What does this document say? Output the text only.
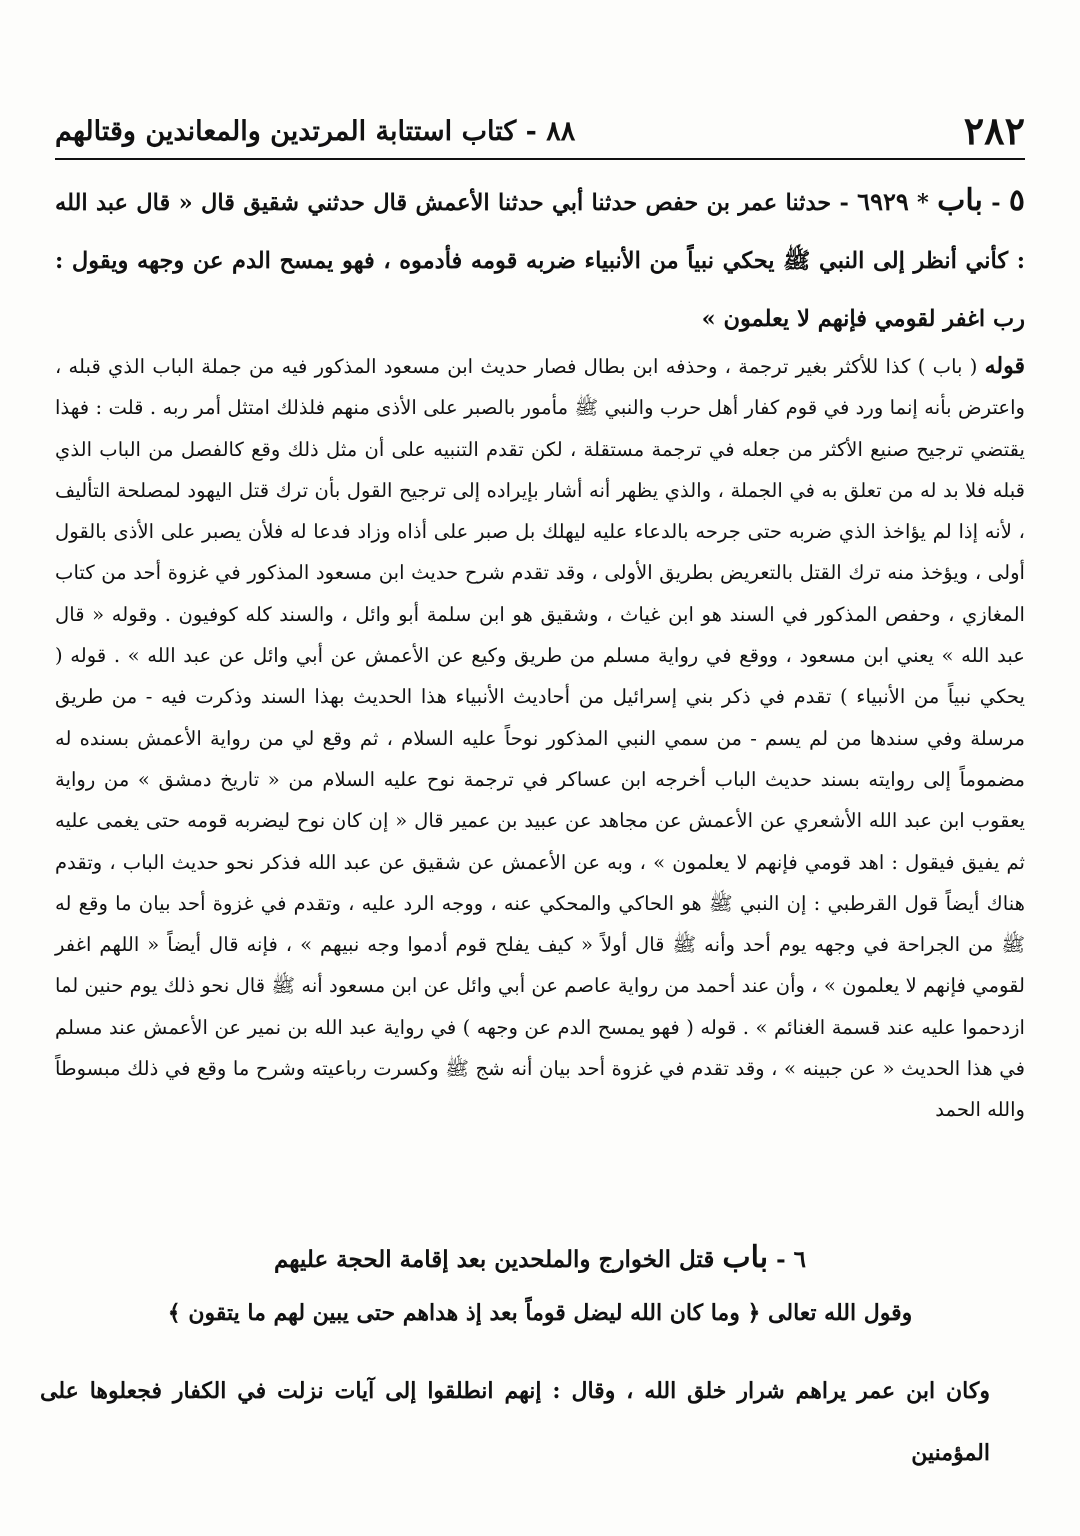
٢٨٢
٨٨ - كتاب استتابة المرتدين والمعاندين وقتالهم
٥ - باب * ٦٩٢٩ - حدثنا عمر بن حفص حدثنا أبي حدثنا الأعمش قال حدثني شقيق قال « قال عبد الله : كأني أنظر إلى النبي ﷺ يحكي نبياً من الأنبياء ضربه قومه فأدموه ، فهو يمسح الدم عن وجهه ويقول : رب اغفر لقومي فإنهم لا يعلمون »
قوله ( باب ) كذا للأكثر بغير ترجمة ، وحذفه ابن بطال فصار حديث ابن مسعود المذكور فيه من جملة الباب الذي قبله ، واعترض بأنه إنما ورد في قوم كفار أهل حرب والنبي ﷺ مأمور بالصبر على الأذى منهم فلذلك امتثل أمر ربه . قلت : فهذا يقتضي ترجيح صنيع الأكثر من جعله في ترجمة مستقلة ، لكن تقدم التنبيه على أن مثل ذلك وقع كالفصل من الباب الذي قبله فلا بد له من تعلق به في الجملة ، والذي يظهر أنه أشار بإيراده إلى ترجيح القول بأن ترك قتل اليهود لمصلحة التأليف ، لأنه إذا لم يؤاخذ الذي ضربه حتى جرحه بالدعاء عليه ليهلك بل صبر على أذاه وزاد فدعا له فلأن يصبر على الأذى بالقول أولى ، ويؤخذ منه ترك القتل بالتعريض بطريق الأولى ، وقد تقدم شرح حديث ابن مسعود المذكور في غزوة أحد من كتاب المغازي ، وحفص المذكور في السند هو ابن غياث ، وشقيق هو ابن سلمة أبو وائل ، والسند كله كوفيون . وقوله « قال عبد الله » يعني ابن مسعود ، ووقع في رواية مسلم من طريق وكيع عن الأعمش عن أبي وائل عن عبد الله » . قوله ( يحكي نبياً من الأنبياء ) تقدم في ذكر بني إسرائيل من أحاديث الأنبياء هذا الحديث بهذا السند وذكرت فيه - من طريق مرسلة وفي سندها من لم يسم - من سمي النبي المذكور نوحاً عليه السلام ، ثم وقع لي من رواية الأعمش بسنده له مضموماً إلى روايته بسند حديث الباب أخرجه ابن عساكر في ترجمة نوح عليه السلام من « تاريخ دمشق » من رواية يعقوب ابن عبد الله الأشعري عن الأعمش عن مجاهد عن عبيد بن عمير قال « إن كان نوح ليضربه قومه حتى يغمى عليه ثم يفيق فيقول : اهد قومي فإنهم لا يعلمون » ، وبه عن الأعمش عن شقيق عن عبد الله فذكر نحو حديث الباب ، وتقدم هناك أيضاً قول القرطبي : إن النبي ﷺ هو الحاكي والمحكي عنه ، ووجه الرد عليه ، وتقدم في غزوة أحد بيان ما وقع له ﷺ من الجراحة في وجهه يوم أحد وأنه ﷺ قال أولاً « كيف يفلح قوم أدموا وجه نبيهم » ، فإنه قال أيضاً « اللهم اغفر لقومي فإنهم لا يعلمون » ، وأن عند أحمد من رواية عاصم عن أبي وائل عن ابن مسعود أنه ﷺ قال نحو ذلك يوم حنين لما ازدحموا عليه عند قسمة الغنائم » . قوله ( فهو يمسح الدم عن وجهه ) في رواية عبد الله بن نمير عن الأعمش عند مسلم في هذا الحديث « عن جبينه » ، وقد تقدم في غزوة أحد بيان أنه شج ﷺ وكسرت رباعيته وشرح ما وقع في ذلك مبسوطاً والله الحمد
٦ - باب قتل الخوارج والملحدين بعد إقامة الحجة عليهم
وقول الله تعالى ﴿ وما كان الله ليضل قوماً بعد إذ هداهم حتى يبين لهم ما يتقون ﴾
وكان ابن عمر يراهم شرار خلق الله ، وقال : إنهم انطلقوا إلى آيات نزلت في الكفار فجعلوها على المؤمنين
